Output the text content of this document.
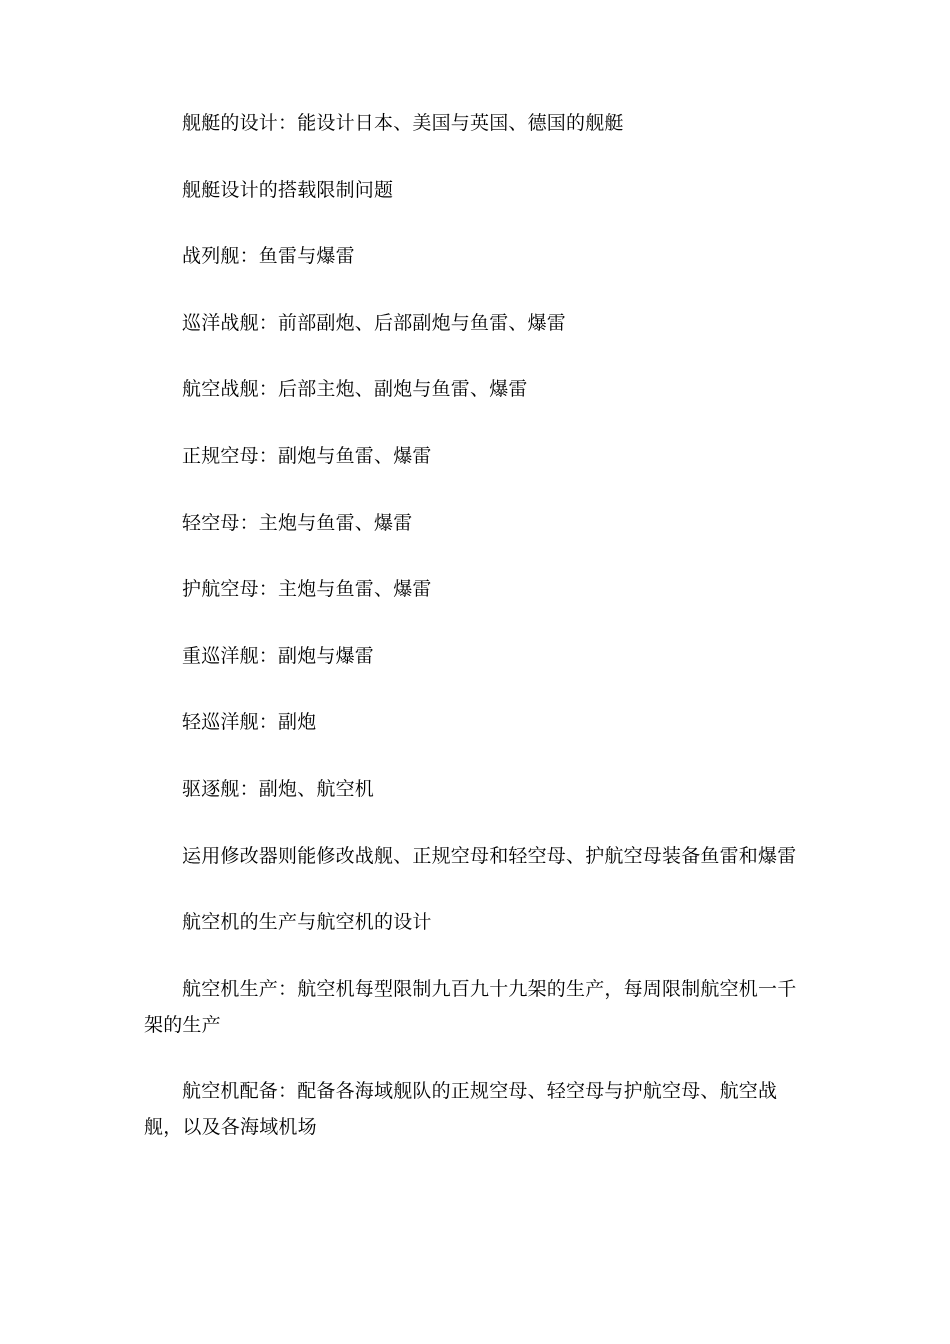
舰艇的设计：能设计日本、美国与英国、德国的舰艇

舰艇设计的搭载限制问题

战列舰：鱼雷与爆雷

巡洋战舰：前部副炮、后部副炮与鱼雷、爆雷

航空战舰：后部主炮、副炮与鱼雷、爆雷

正规空母：副炮与鱼雷、爆雷

轻空母：主炮与鱼雷、爆雷

护航空母：主炮与鱼雷、爆雷

重巡洋舰：副炮与爆雷

轻巡洋舰：副炮

驱逐舰：副炮、航空机

运用修改器则能修改战舰、正规空母和轻空母、护航空母装备鱼雷和爆雷

航空机的生产与航空机的设计

航空机生产：航空机每型限制九百九十九架的生产，每周限制航空机一千架的生产

航空机配备：配备各海域舰队的正规空母、轻空母与护航空母、航空战舰，以及各海域机场
